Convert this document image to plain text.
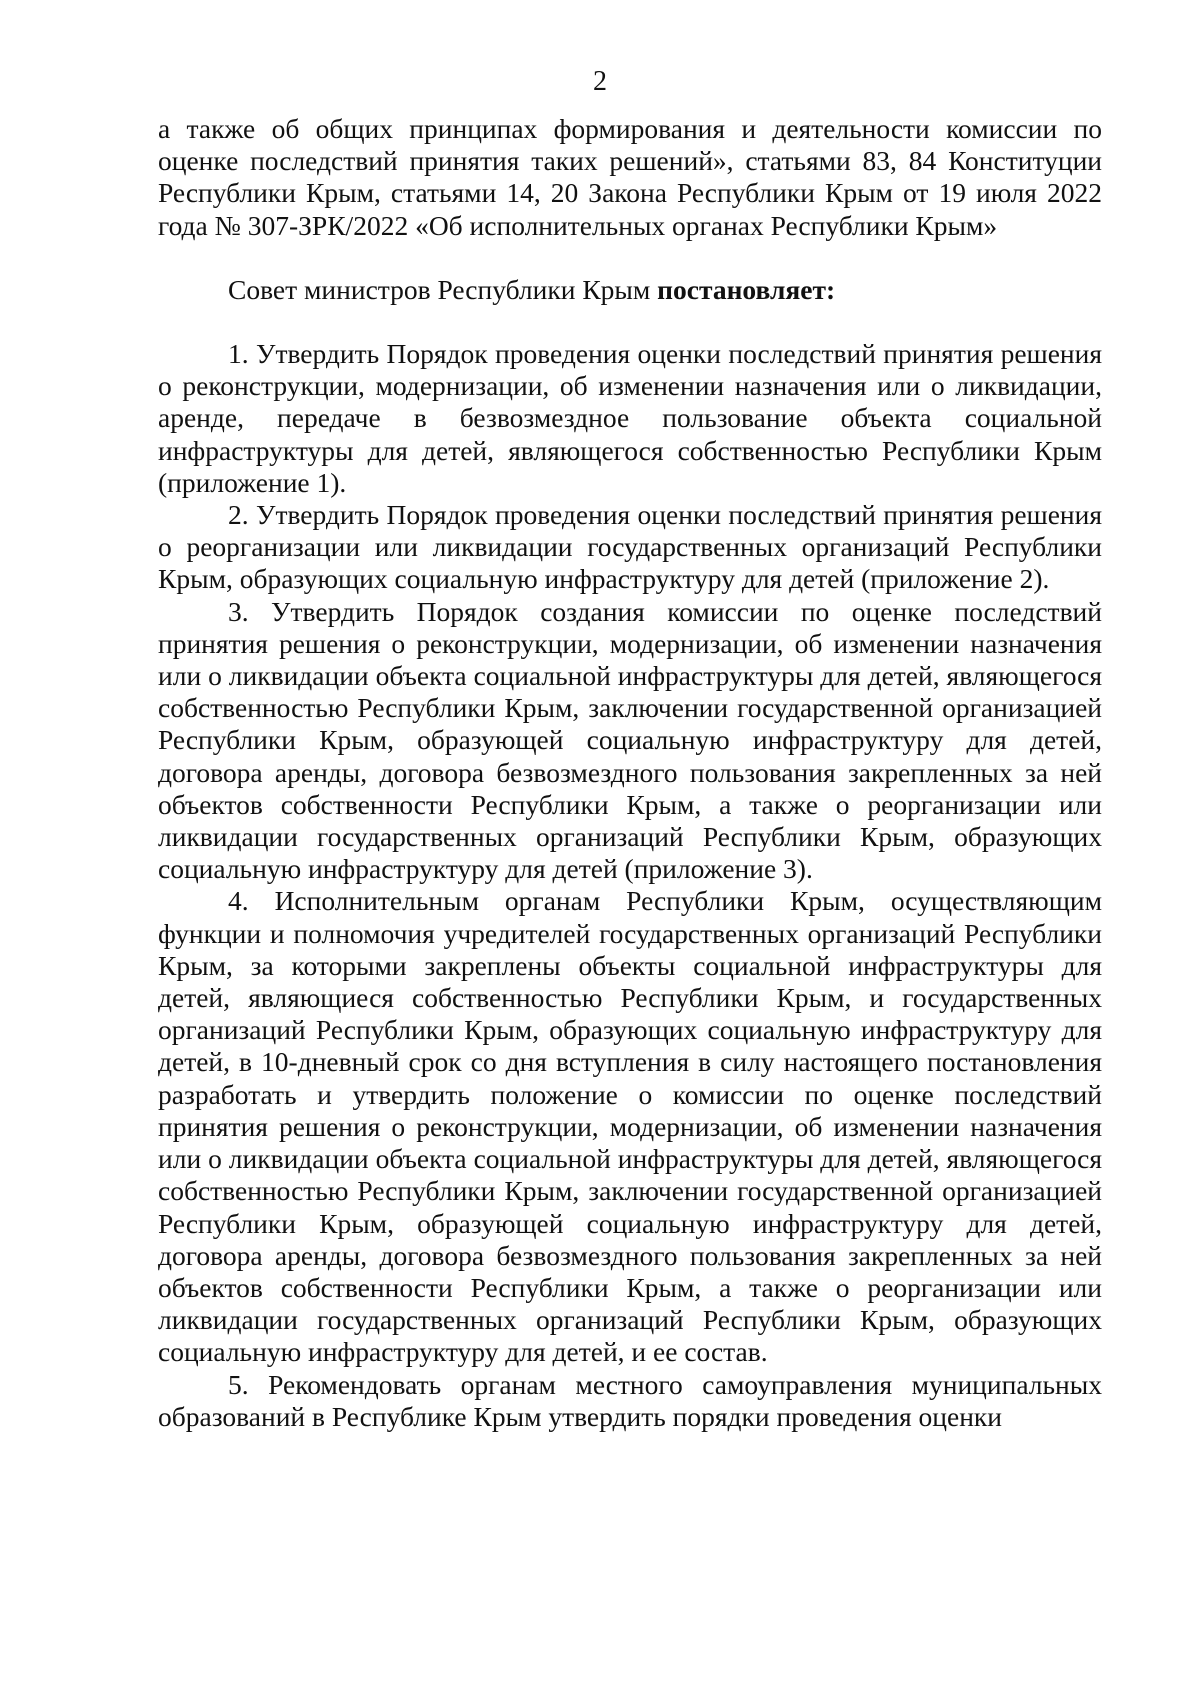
2

а также об общих принципах формирования и деятельности комиссии по оценке последствий принятия таких решений», статьями 83, 84 Конституции Республики Крым, статьями 14, 20 Закона Республики Крым от 19 июля 2022 года № 307-ЗРК/2022 «Об исполнительных органах Республики Крым»

Совет министров Республики Крым постановляет:

1. Утвердить Порядок проведения оценки последствий принятия решения о реконструкции, модернизации, об изменении назначения или о ликвидации, аренде, передаче в безвозмездное пользование объекта социальной инфраструктуры для детей, являющегося собственностью Республики Крым (приложение 1).

2. Утвердить Порядок проведения оценки последствий принятия решения о реорганизации или ликвидации государственных организаций Республики Крым, образующих социальную инфраструктуру для детей (приложение 2).

3. Утвердить Порядок создания комиссии по оценке последствий принятия решения о реконструкции, модернизации, об изменении назначения или о ликвидации объекта социальной инфраструктуры для детей, являющегося собственностью Республики Крым, заключении государственной организацией Республики Крым, образующей социальную инфраструктуру для детей, договора аренды, договора безвозмездного пользования закрепленных за ней объектов собственности Республики Крым, а также о реорганизации или ликвидации государственных организаций Республики Крым, образующих социальную инфраструктуру для детей (приложение 3).

4. Исполнительным органам Республики Крым, осуществляющим функции и полномочия учредителей государственных организаций Республики Крым, за которыми закреплены объекты социальной инфраструктуры для детей, являющиеся собственностью Республики Крым, и государственных организаций Республики Крым, образующих социальную инфраструктуру для детей, в 10-дневный срок со дня вступления в силу настоящего постановления разработать и утвердить положение о комиссии по оценке последствий принятия решения о реконструкции, модернизации, об изменении назначения или о ликвидации объекта социальной инфраструктуры для детей, являющегося собственностью Республики Крым, заключении государственной организацией Республики Крым, образующей социальную инфраструктуру для детей, договора аренды, договора безвозмездного пользования закрепленных за ней объектов собственности Республики Крым, а также о реорганизации или ликвидации государственных организаций Республики Крым, образующих социальную инфраструктуру для детей, и ее состав.

5. Рекомендовать органам местного самоуправления муниципальных образований в Республике Крым утвердить порядки проведения оценки
